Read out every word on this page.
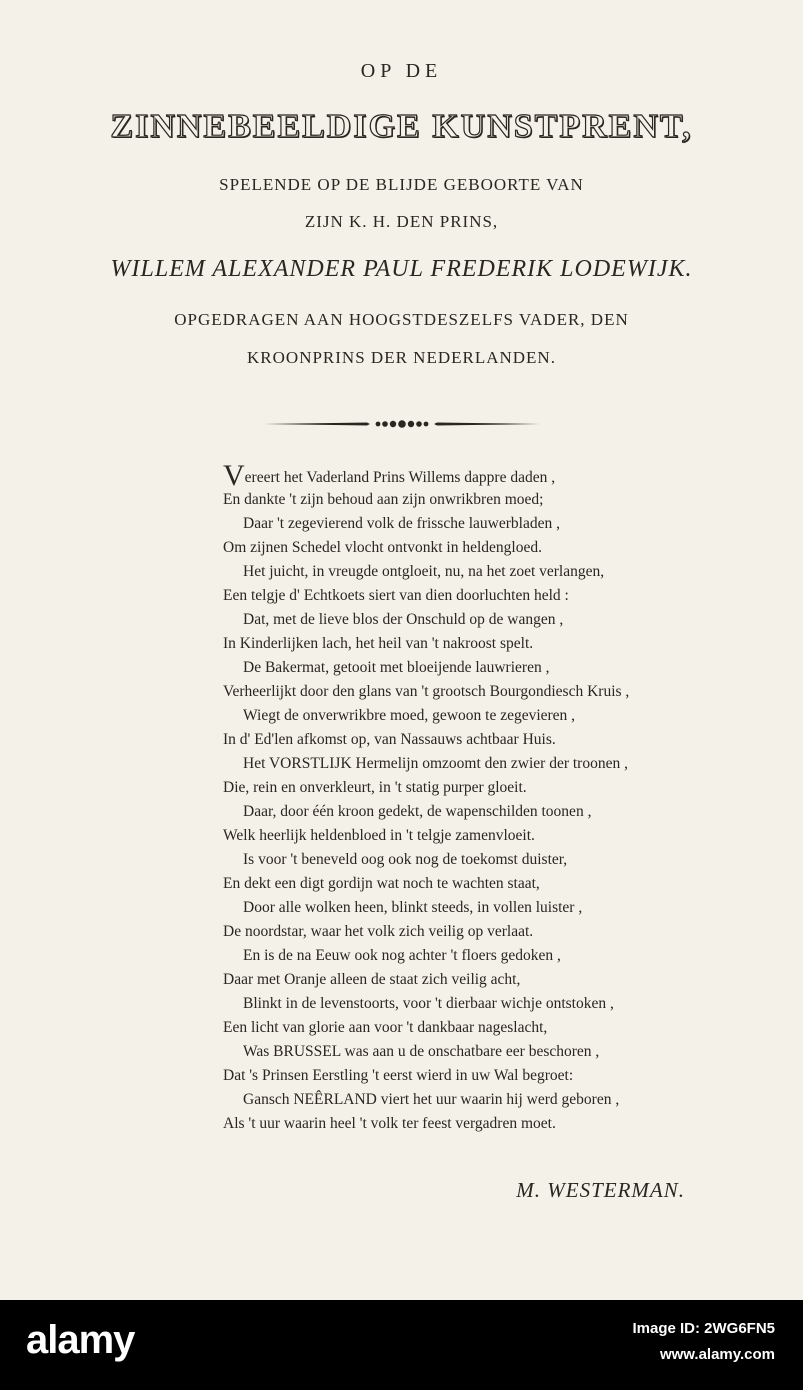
OP DE
ZINNEBEELDIGE KUNSTPRENT,
SPELENDE OP DE BLIJDE GEBOORTE VAN
ZIJN K. H. DEN PRINS,
WILLEM ALEXANDER PAUL FREDERIK LODEWIJK.
OPGEDRAGEN AAN HOOGSTDESZELFS VADER, DEN
KROONPRINS DER NEDERLANDEN.
Vereert het Vaderland Prins Willems dappre daden ,
En dankte 't zijn behoud aan zijn onwrikbren moed;
Daar 't zegevierend volk de frissche lauwerbladen ,
Om zijnen Schedel vlocht ontvonkt in heldengloed.
Het juicht, in vreugde ontgloeit, nu, na het zoet verlangen,
Een telgje d' Echtkoets siert van dien doorluchten held :
Dat, met de lieve blos der Onschuld op de wangen ,
In Kinderlijken lach, het heil van 't nakroost spelt.
De Bakermat, getooit met bloeijende lauwrieren ,
Verheerlijkt door den glans van 't grootsch Bourgondiesch Kruis ,
Wiegt de onverwrikbre moed, gewoon te zegevieren ,
In d' Ed'len afkomst op, van Nassauws achtbaar Huis.
Het VORSTLIJK Hermelijn omzoomt den zwier der troonen ,
Die, rein en onverkleurt, in 't statig purper gloeit.
Daar, door één kroon gedekt, de wapenschilden toonen ,
Welk heerlijk heldenbloed in 't telgje zamenvloeit.
Is voor 't beneveld oog ook nog de toekomst duister,
En dekt een digt gordijn wat noch te wachten staat,
Door alle wolken heen, blinkt steeds, in vollen luister ,
De noordstar, waar het volk zich veilig op verlaat.
En is de na Eeuw ook nog achter 't floers gedoken ,
Daar met Oranje alleen de staat zich veilig acht,
Blinkt in de levenstoorts, voor 't dierbaar wichje ontstoken ,
Een licht van glorie aan voor 't dankbaar nageslacht,
Was BRUSSEL was aan u de onschatbare eer beschoren ,
Dat 's Prinsen Eerstling 't eerst wierd in uw Wal begroet:
Gansch NEÊRLAND viert het uur waarin hij werd geboren ,
Als 't uur waarin heel 't volk ter feest vergadren moet.
M. WESTERMAN.
alamy	Image ID: 2WG6FN5
www.alamy.com
